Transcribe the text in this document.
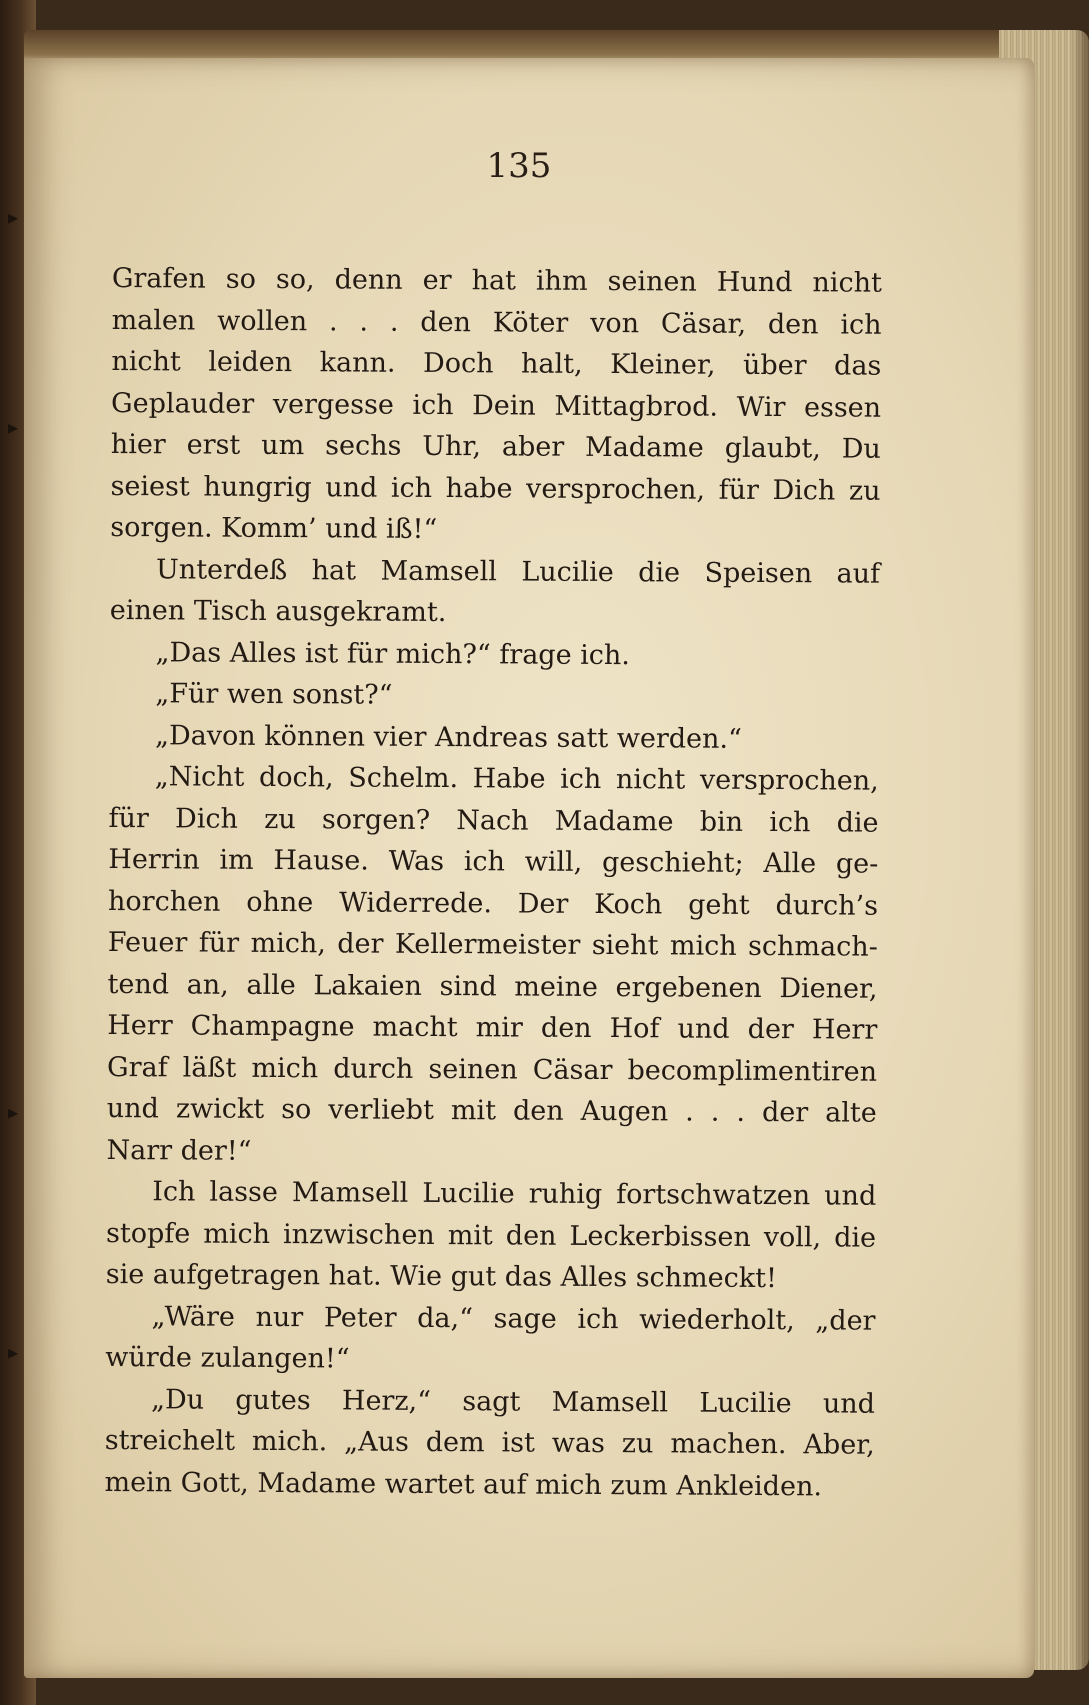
135
Grafen so so, denn er hat ihm seinen Hund nicht
malen wollen . . . den Köter von Cäsar, den ich
nicht leiden kann. Doch halt, Kleiner, über das
Geplauder vergesse ich Dein Mittagbrod. Wir essen
hier erst um sechs Uhr, aber Madame glaubt, Du
seiest hungrig und ich habe versprochen, für Dich zu
sorgen. Komm’ und iß!“
Unterdeß hat Mamsell Lucilie die Speisen auf
einen Tisch ausgekramt.
„Das Alles ist für mich?“ frage ich.
„Für wen sonst?“
„Davon können vier Andreas satt werden.“
„Nicht doch, Schelm. Habe ich nicht versprochen,
für Dich zu sorgen? Nach Madame bin ich die
Herrin im Hause. Was ich will, geschieht; Alle ge-
horchen ohne Widerrede. Der Koch geht durch’s
Feuer für mich, der Kellermeister sieht mich schmach-
tend an, alle Lakaien sind meine ergebenen Diener,
Herr Champagne macht mir den Hof und der Herr
Graf läßt mich durch seinen Cäsar becomplimentiren
und zwickt so verliebt mit den Augen . . . der alte
Narr der!“
Ich lasse Mamsell Lucilie ruhig fortschwatzen und
stopfe mich inzwischen mit den Leckerbissen voll, die
sie aufgetragen hat. Wie gut das Alles schmeckt!
„Wäre nur Peter da,“ sage ich wiederholt, „der
würde zulangen!“
„Du gutes Herz,“ sagt Mamsell Lucilie und
streichelt mich. „Aus dem ist was zu machen. Aber,
mein Gott, Madame wartet auf mich zum Ankleiden.
▸
▸
▸
▸
